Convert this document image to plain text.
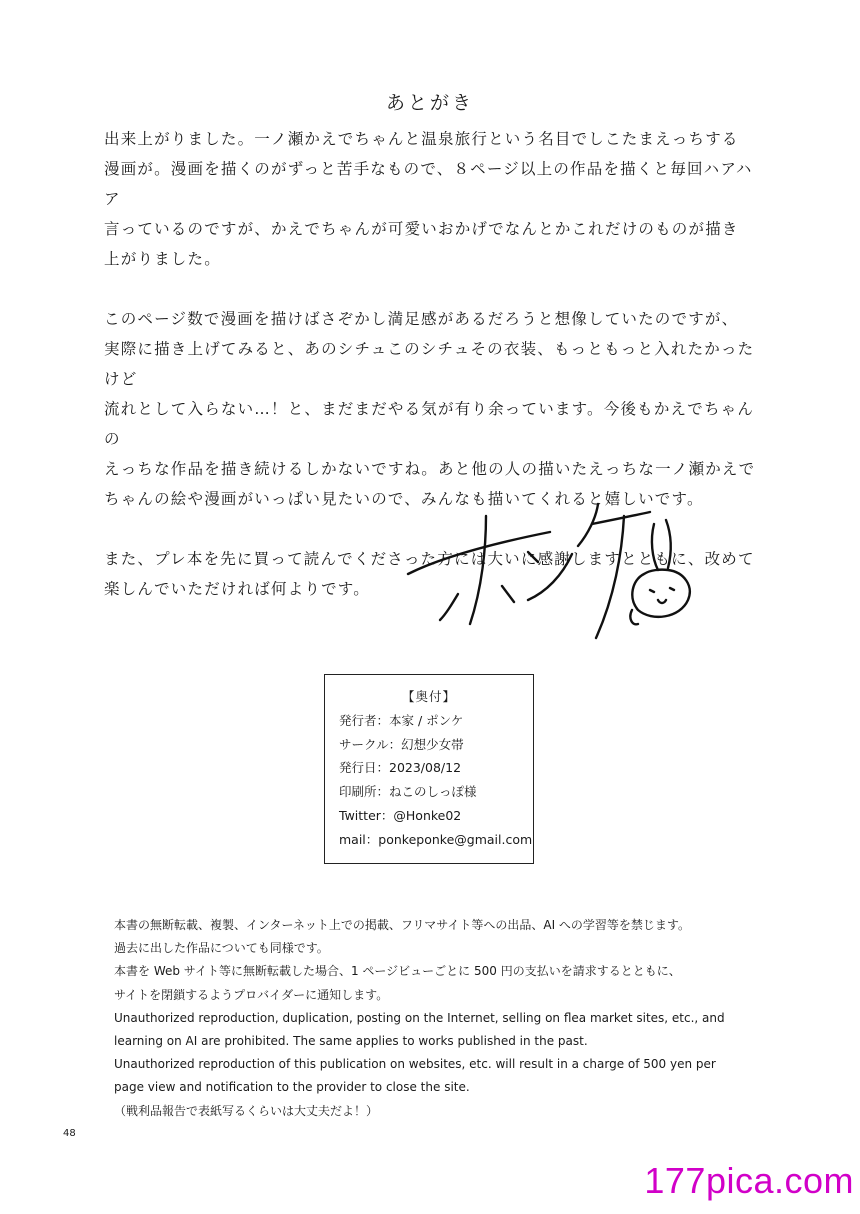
あとがき

出来上がりました。一ノ瀬かえでちゃんと温泉旅行という名目でしこたまえっちする
漫画が。漫画を描くのがずっと苦手なもので、８ページ以上の作品を描くと毎回ハアハア
言っているのですが、かえでちゃんが可愛いおかげでなんとかこれだけのものが描き
上がりました。

このページ数で漫画を描けばさぞかし満足感があるだろうと想像していたのですが、
実際に描き上げてみると、あのシチュこのシチュその衣装、もっともっと入れたかったけど
流れとして入らない…！と、まだまだやる気が有り余っています。今後もかえでちゃんの
えっちな作品を描き続けるしかないですね。あと他の人の描いたえっちな一ノ瀬かえで
ちゃんの絵や漫画がいっぱい見たいので、みんなも描いてくれると嬉しいです。

また、プレ本を先に買って読んでくださった方には大いに感謝しますとともに、改めて
楽しんでいただければ何よりです。

【奥付】
発行者：本家 / ポンケ
サークル：幻想少女帯
発行日：2023/08/12
印刷所：ねこのしっぽ様
Twitter：@Honke02
mail：ponkeponke@gmail.com
本書の無断転載、複製、インターネット上での掲載、フリマサイト等への出品、AI への学習等を禁じます。
過去に出した作品についても同様です。
本書を Web サイト等に無断転載した場合、1 ページビューごとに 500 円の支払いを請求するとともに、
サイトを閉鎖するようプロバイダーに通知します。
Unauthorized reproduction, duplication, posting on the Internet, selling on flea market sites, etc., and
learning on AI are prohibited. The same applies to works published in the past.
Unauthorized reproduction of this publication on websites, etc. will result in a charge of 500 yen per
page view and notification to the provider to close the site.
（戦利品報告で表紙写るくらいは大丈夫だよ！）
48
177pica.com
